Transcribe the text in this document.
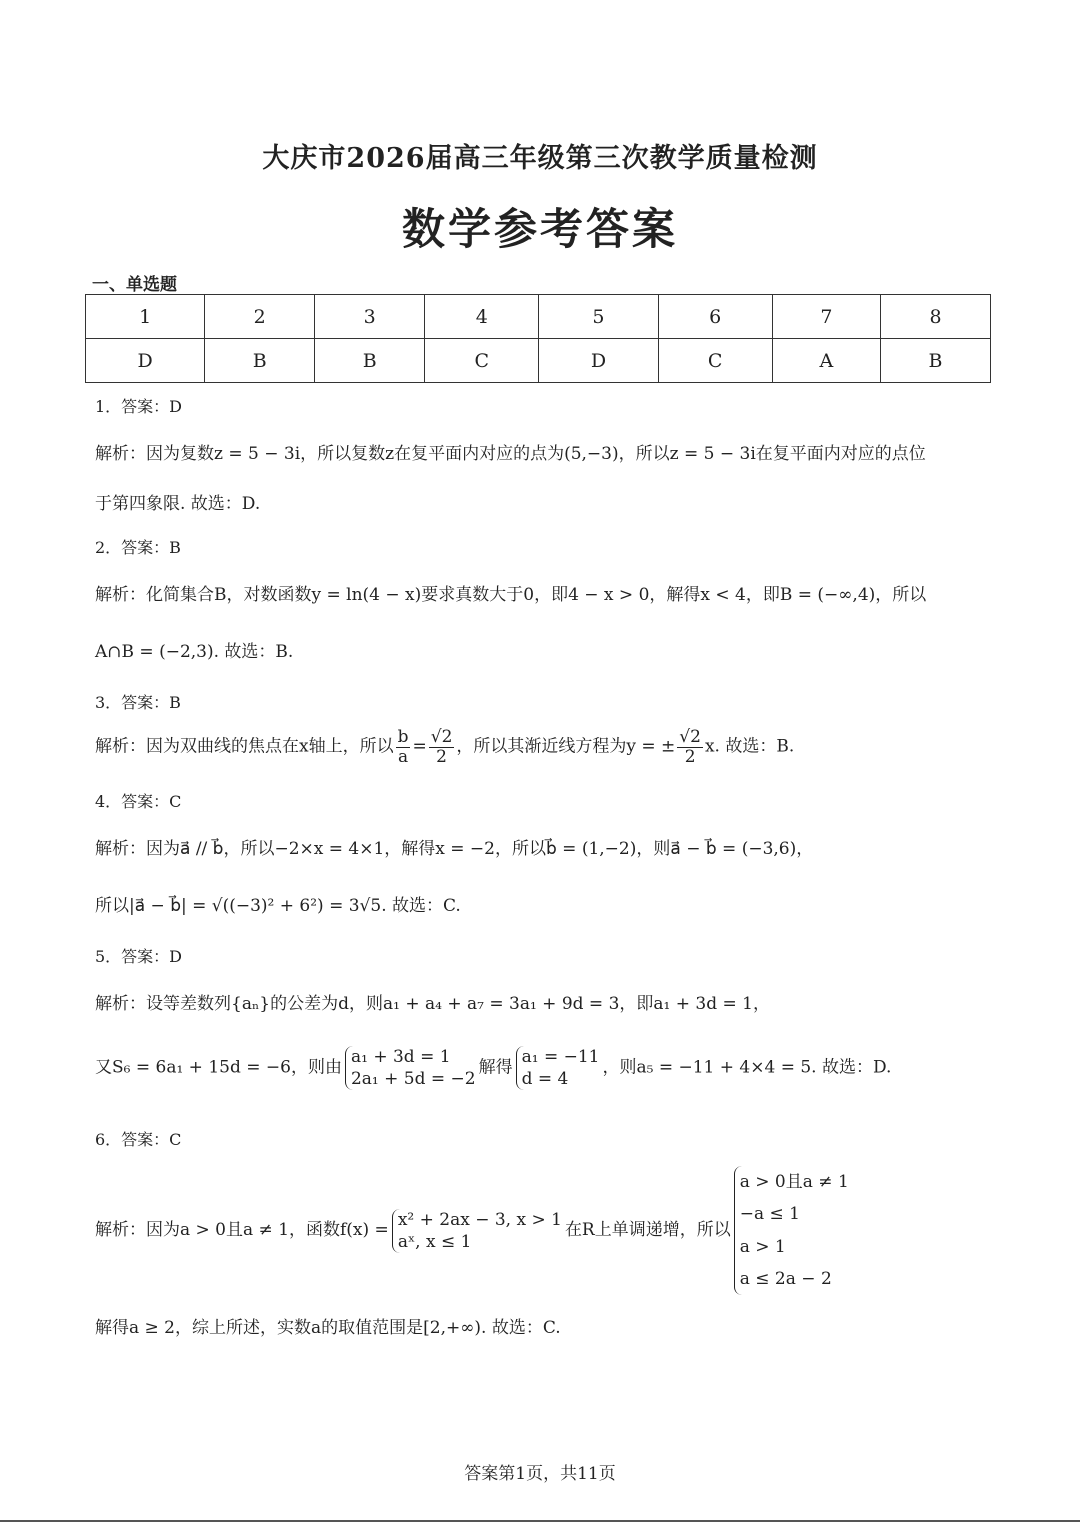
大庆市2026届高三年级第三次教学质量检测
数学参考答案
一、单选题
1	2	3	4	5	6	7	8
D	B	B	C	D	C	A	B
1．答案：D
解析：因为复数z = 5 − 3i，所以复数z在复平面内对应的点为(5,−3)，所以z = 5 − 3i在复平面内对应的点位
于第四象限. 故选：D.
2．答案：B
解析：化简集合B，对数函数y = ln(4 − x)要求真数大于0，即4 − x > 0，解得x < 4，即B = (−∞,4)，所以
A∩B = (−2,3). 故选：B.
3．答案：B
解析：因为双曲线的焦点在x轴上，所以 $\frac{b}{a} = \frac{√2}{2}$ ，所以其渐近线方程为y = ± $\frac{√2}{2} x$. 故选：B.
4．答案：C
解析：因为a⃗ // b⃗，所以−2×x = 4×1，解得x = −2，所以b⃗ = (1,−2)，则a⃗ − b⃗ = (−3,6)，
所以|a⃗ − b⃗| = √((−3)² + 6²) = 3√5. 故选：C.
5．答案：D
解析：设等差数列{aₙ}的公差为d，则a₁ + a₄ + a₇ = 3a₁ + 9d = 3，即a₁ + 3d = 1，
又S₆ = 6a₁ + 15d = −6，则由
a₁ + 3d = 1
2a₁ + 5d = −2
解得
a₁ = −11
d = 4
，则a₅ = −11 + 4×4 = 5. 故选：D.
6．答案：C
解析：因为a > 0且a ≠ 1，函数f(x) =
x² + 2ax − 3, x > 1
aˣ, x ≤ 1
在R上单调递增，所以
a > 0且a ≠ 1
−a ≤ 1
a > 1
a ≤ 2a − 2
解得a ≥ 2，综上所述，实数a的取值范围是[2,+∞). 故选：C.
答案第1页，共11页
